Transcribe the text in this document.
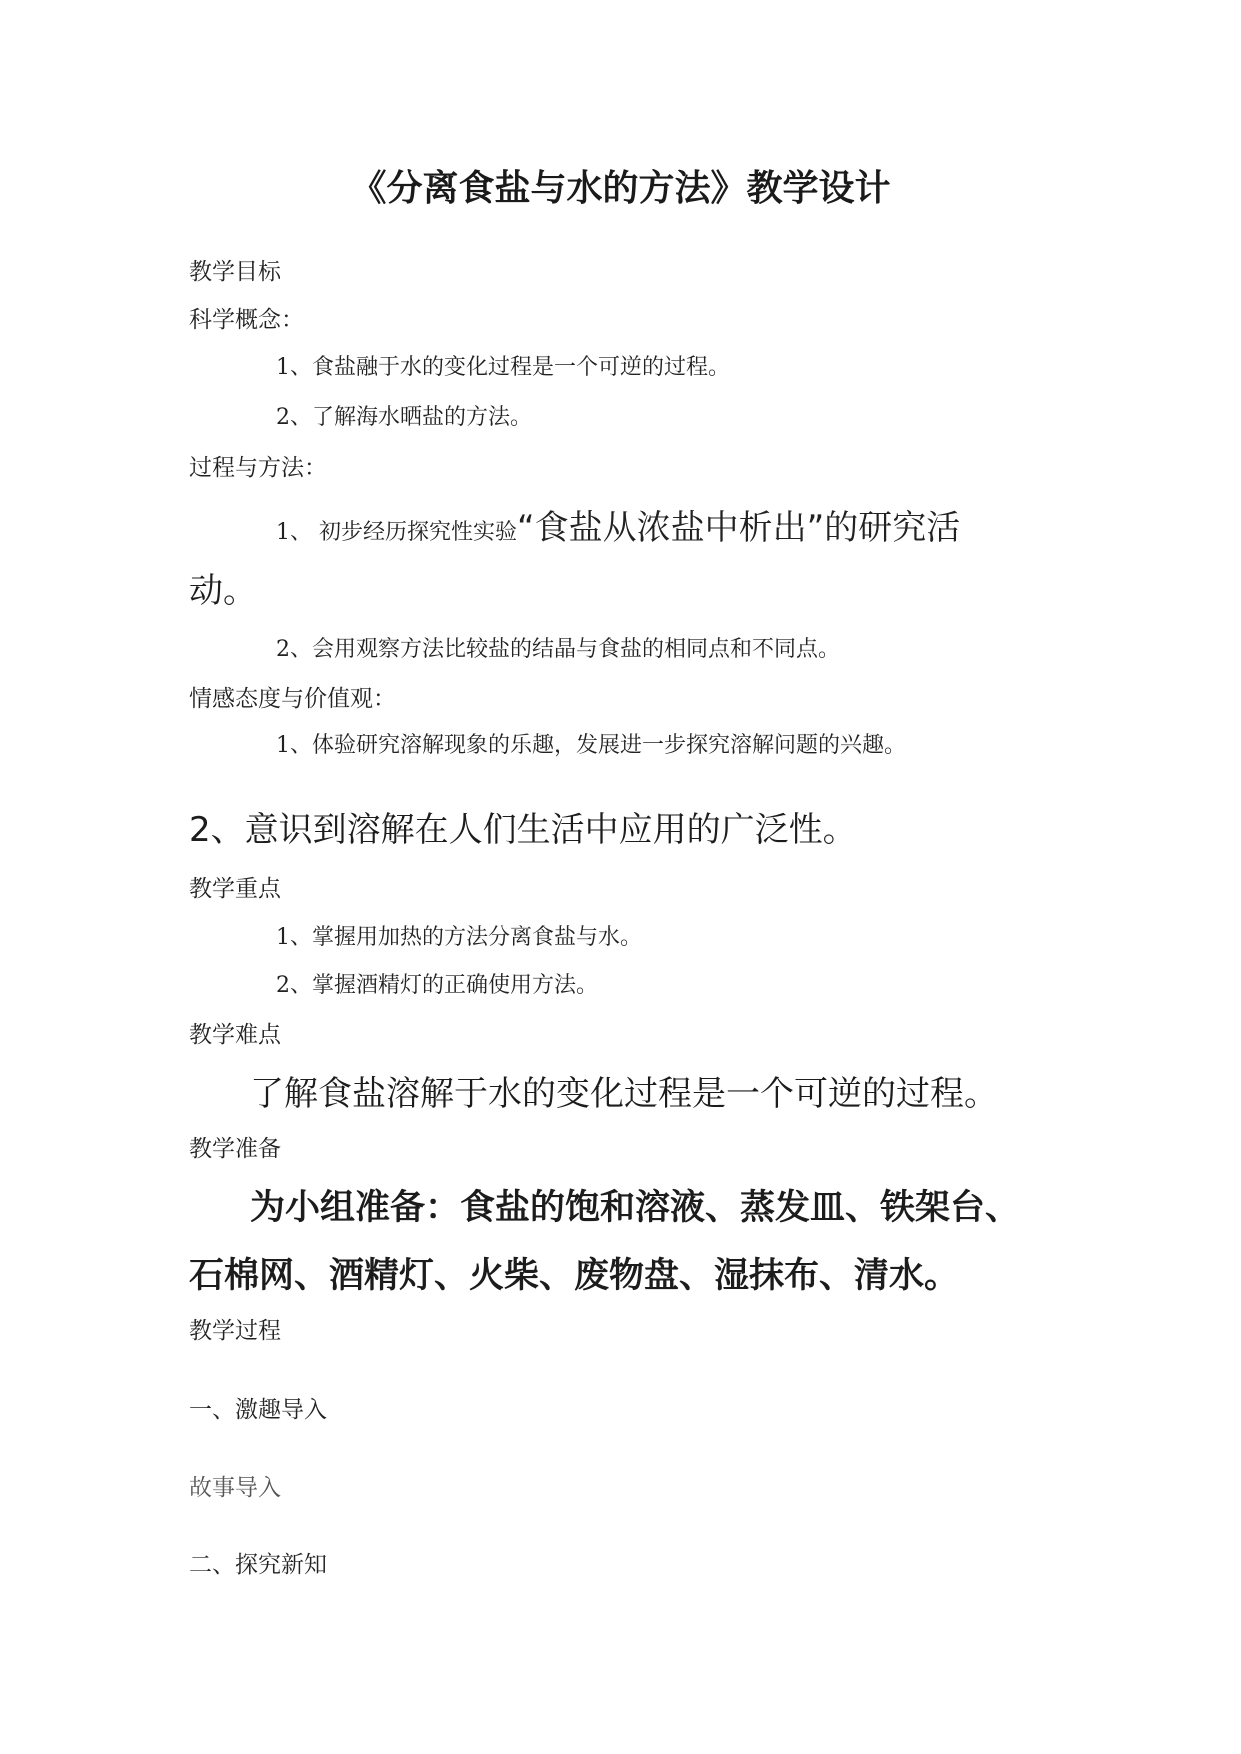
《分离食盐与水的方法》教学设计

教学目标

科学概念：

1、食盐融于水的变化过程是一个可逆的过程。

2、了解海水晒盐的方法。

过程与方法：

1、 初步经历探究性实验“食盐从浓盐中析出”的研究活

动。

2、会用观察方法比较盐的结晶与食盐的相同点和不同点。

情感态度与价值观：

1、体验研究溶解现象的乐趣，发展进一步探究溶解问题的兴趣。

2、意识到溶解在人们生活中应用的广泛性。

教学重点

1、掌握用加热的方法分离食盐与水。

2、掌握酒精灯的正确使用方法。

教学难点

了解食盐溶解于水的变化过程是一个可逆的过程。

教学准备

为小组准备：食盐的饱和溶液、蒸发皿、铁架台、

石棉网、酒精灯、火柴、废物盘、湿抹布、清水。

教学过程

一、激趣导入

故事导入

二、探究新知
